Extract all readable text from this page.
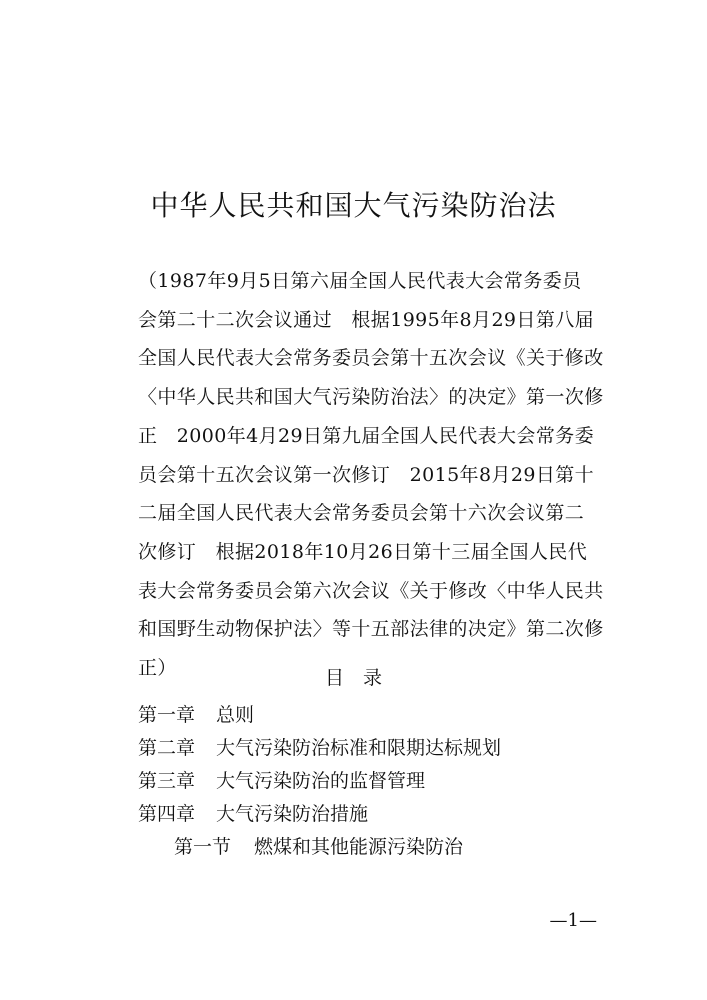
中华人民共和国大气污染防治法
（1987年9月5日第六届全国人民代表大会常务委员
会第二十二次会议通过　根据1995年8月29日第八届
全国人民代表大会常务委员会第十五次会议《关于修改
〈中华人民共和国大气污染防治法〉的决定》第一次修
正　2000年4月29日第九届全国人民代表大会常务委
员会第十五次会议第一次修订　2015年8月29日第十
二届全国人民代表大会常务委员会第十六次会议第二
次修订　根据2018年10月26日第十三届全国人民代
表大会常务委员会第六次会议《关于修改〈中华人民共
和国野生动物保护法〉等十五部法律的决定》第二次修
正）	目　录
第一章 总则
第二章 大气污染防治标准和限期达标规划
第三章 大气污染防治的监督管理
第四章 大气污染防治措施
第一节 燃煤和其他能源污染防治
—1—
